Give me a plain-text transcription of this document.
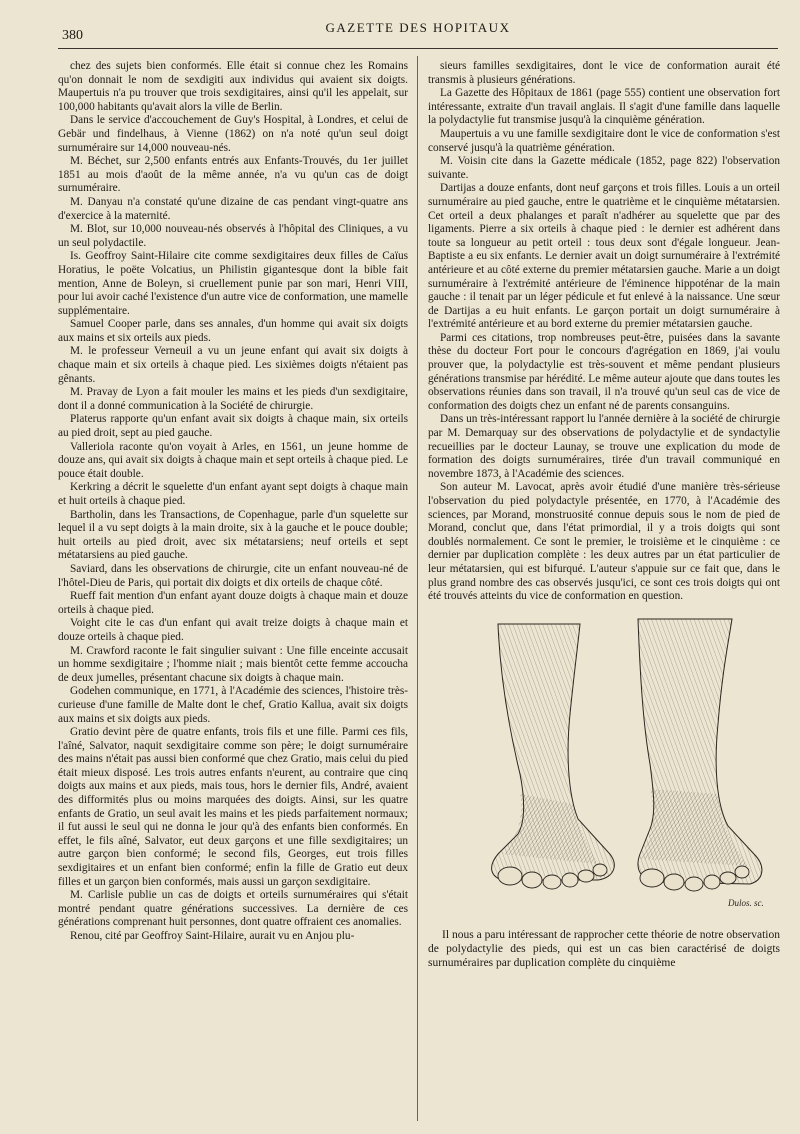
380
GAZETTE DES HOPITAUX

chez des sujets bien conformés. Elle était si connue chez les Romains qu'on donnait le nom de sexdigiti aux individus qui avaient six doigts. Maupertuis n'a pu trouver que trois sexdigitaires, ainsi qu'il les appelait, sur 100,000 habitants qu'avait alors la ville de Berlin.

Dans le service d'accouchement de Guy's Hospital, à Londres, et celui de Gebär und findelhaus, à Vienne (1862) on n'a noté qu'un seul doigt surnuméraire sur 14,000 nouveau-nés.

M. Béchet, sur 2,500 enfants entrés aux Enfants-Trouvés, du 1er juillet 1851 au mois d'août de la même année, n'a vu qu'un cas de doigt surnuméraire.

M. Danyau n'a constaté qu'une dizaine de cas pendant vingt-quatre ans d'exercice à la maternité.

M. Blot, sur 10,000 nouveau-nés observés à l'hôpital des Cliniques, a vu un seul polydactile.

Is. Geoffroy Saint-Hilaire cite comme sexdigitaires deux filles de Caïus Horatius, le poëte Volcatius, un Philistin gigantesque dont la bible fait mention, Anne de Boleyn, si cruellement punie par son mari, Henri VIII, pour lui avoir caché l'existence d'un autre vice de conformation, une mamelle supplémentaire.

Samuel Cooper parle, dans ses annales, d'un homme qui avait six doigts aux mains et six orteils aux pieds.

M. le professeur Verneuil a vu un jeune enfant qui avait six doigts à chaque main et six orteils à chaque pied. Les sixièmes doigts n'étaient pas gênants.

M. Pravay de Lyon a fait mouler les mains et les pieds d'un sexdigitaire, dont il a donné communication à la Société de chirurgie.

Platerus rapporte qu'un enfant avait six doigts à chaque main, six orteils au pied droit, sept au pied gauche.

Valleriola raconte qu'on voyait à Arles, en 1561, un jeune homme de douze ans, qui avait six doigts à chaque main et sept orteils à chaque pied. Le pouce était double.

Kerkring a décrit le squelette d'un enfant ayant sept doigts à chaque main et huit orteils à chaque pied.

Bartholin, dans les Transactions, de Copenhague, parle d'un squelette sur lequel il a vu sept doigts à la main droite, six à la gauche et le pouce double; huit orteils au pied droit, avec six métatarsiens; neuf orteils et sept métatarsiens au pied gauche.

Saviard, dans les observations de chirurgie, cite un enfant nouveau-né de l'hôtel-Dieu de Paris, qui portait dix doigts et dix orteils de chaque côté.

Rueff fait mention d'un enfant ayant douze doigts à chaque main et douze orteils à chaque pied.

Voight cite le cas d'un enfant qui avait treize doigts à chaque main et douze orteils à chaque pied.

M. Crawford raconte le fait singulier suivant : Une fille enceinte accusait un homme sexdigitaire ; l'homme niait ; mais bientôt cette femme accoucha de deux jumelles, présentant chacune six doigts à chaque main.

Godehen communique, en 1771, à l'Académie des sciences, l'histoire très-curieuse d'une famille de Malte dont le chef, Gratio Kallua, avait six doigts aux mains et six doigts aux pieds.

Gratio devint père de quatre enfants, trois fils et une fille. Parmi ces fils, l'aîné, Salvator, naquit sexdigitaire comme son père; le doigt surnuméraire des mains n'était pas aussi bien conformé que chez Gratio, mais celui du pied était mieux disposé. Les trois autres enfants n'eurent, au contraire que cinq doigts aux mains et aux pieds, mais tous, hors le dernier fils, André, avaient des difformités plus ou moins marquées des doigts. Ainsi, sur les quatre enfants de Gratio, un seul avait les mains et les pieds parfaitement normaux; il fut aussi le seul qui ne donna le jour qu'à des enfants bien conformés. En effet, le fils aîné, Salvator, eut deux garçons et une fille sexdigitaires; un autre garçon bien conformé; le second fils, Georges, eut trois filles sexdigitaires et un enfant bien conformé; enfin la fille de Gratio eut deux filles et un garçon bien conformés, mais aussi un garçon sexdigitaire.

M. Carlisle publie un cas de doigts et orteils surnuméraires qui s'était montré pendant quatre générations successives. La dernière de ces générations comprenant huit personnes, dont quatre offraient ces anomalies.

Renou, cité par Geoffroy Saint-Hilaire, aurait vu en Anjou plu-

sieurs familles sexdigitaires, dont le vice de conformation aurait été transmis à plusieurs générations.

La Gazette des Hôpitaux de 1861 (page 555) contient une observation fort intéressante, extraite d'un travail anglais. Il s'agit d'une famille dans laquelle la polydactylie fut transmise jusqu'à la cinquième génération.

Maupertuis a vu une famille sexdigitaire dont le vice de conformation s'est conservé jusqu'à la quatrième génération.

M. Voisin cite dans la Gazette médicale (1852, page 822) l'observation suivante.

Dartijas a douze enfants, dont neuf garçons et trois filles. Louis a un orteil surnuméraire au pied gauche, entre le quatrième et le cinquième métatarsien. Cet orteil a deux phalanges et paraît n'adhérer au squelette que par des ligaments. Pierre a six orteils à chaque pied : le dernier est adhérent dans toute sa longueur au petit orteil : tous deux sont d'égale longueur. Jean-Baptiste a eu six enfants. Le dernier avait un doigt surnuméraire à l'extrémité antérieure et au côté externe du premier métatarsien gauche. Marie a un doigt surnuméraire à l'extrémité antérieure de l'éminence hippoténar de la main gauche : il tenait par un léger pédicule et fut enlevé à la naissance. Une sœur de Dartijas a eu huit enfants. Le garçon portait un doigt surnuméraire à l'extrémité antérieure et au bord externe du premier métatarsien gauche.

Parmi ces citations, trop nombreuses peut-être, puisées dans la savante thèse du docteur Fort pour le concours d'agrégation en 1869, j'ai voulu prouver que, la polydactylie est très-souvent et même pendant plusieurs générations transmise par hérédité. Le même auteur ajoute que dans toutes les observations réunies dans son travail, il n'a trouvé qu'un seul cas de vice de conformation des doigts chez un enfant né de parents consanguins.

Dans un très-intéressant rapport lu l'année dernière à la société de chirurgie par M. Demarquay sur des observations de polydactylie et de syndactylie recueillies par le docteur Launay, se trouve une explication du mode de formation des doigts surnuméraires, tirée d'un travail communiqué en novembre 1873, à l'Académie des sciences.

Son auteur M. Lavocat, après avoir étudié d'une manière très-sérieuse l'observation du pied polydactyle présentée, en 1770, à l'Académie des sciences, par Morand, monstruosité connue depuis sous le nom de pied de Morand, conclut que, dans l'état primordial, il y a trois doigts qui sont doublés normalement. Ce sont le premier, le troisième et le cinquième : ce dernier par duplication complète : les deux autres par un état particulier de leur métatarsien, qui est bifurqué. L'auteur s'appuie sur ce fait que, dans le plus grand nombre des cas observés jusqu'ici, ce sont ces trois doigts qui ont été trouvés atteints du vice de conformation en question.

Dulos. sc.

Il nous a paru intéressant de rapprocher cette théorie de notre observation de polydactylie des pieds, qui est un cas bien caractérisé de doigts surnuméraires par duplication complète du cinquième
